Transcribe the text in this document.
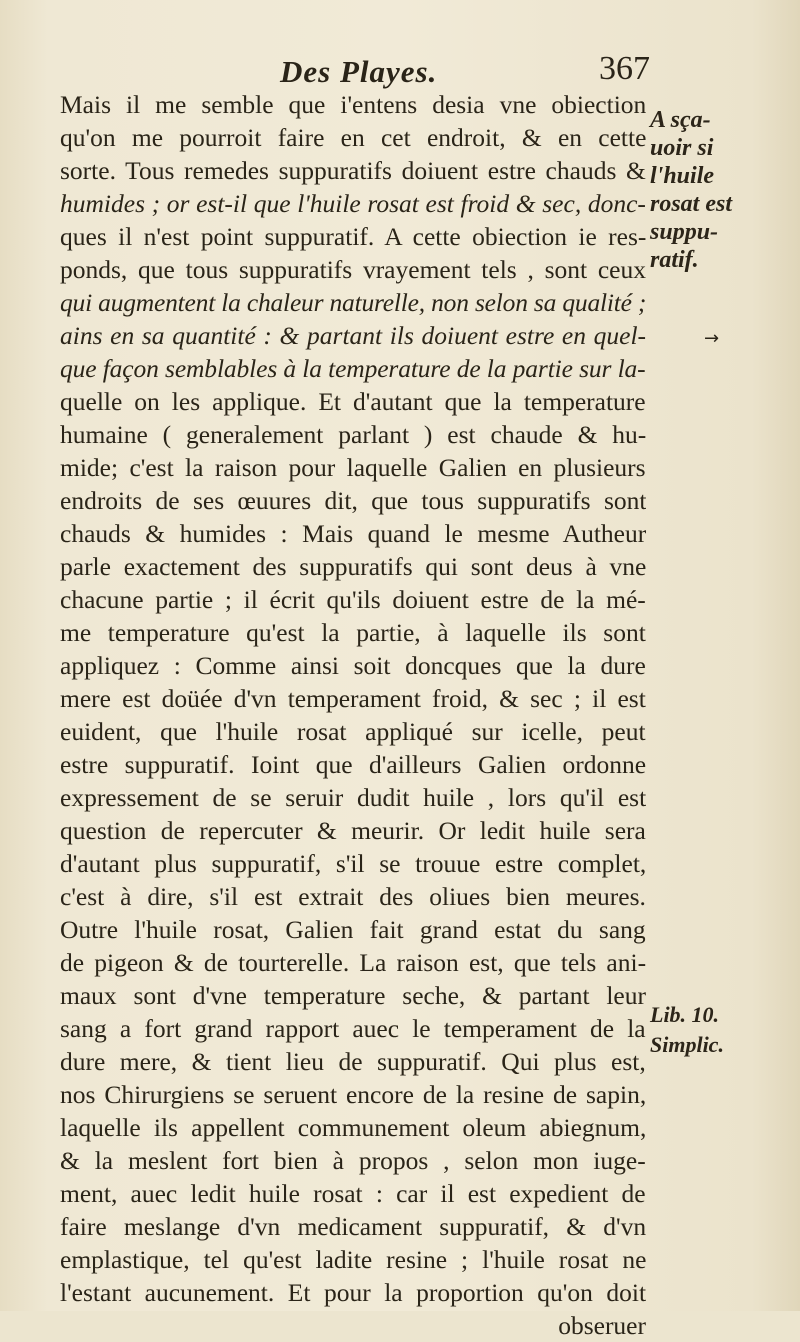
Des Playes.	367
Mais il me semble que i'entens desia vne obiection
qu'on me pourroit faire en cet endroit, & en cette
sorte. Tous remedes suppuratifs doiuent estre chauds &
humides ; or est-il que l'huile rosat est froid & sec, donc-
ques il n'est point suppuratif. A cette obiection ie res-
ponds, que tous suppuratifs vrayement tels , sont ceux
qui augmentent la chaleur naturelle, non selon sa qualité ;
ains en sa quantité : & partant ils doiuent estre en quel-
que façon semblables à la temperature de la partie sur la-
quelle on les applique. Et d'autant que la temperature
humaine ( generalement parlant ) est chaude & hu-
mide; c'est la raison pour laquelle Galien en plusieurs
endroits de ses œuures dit, que tous suppuratifs sont
chauds & humides : Mais quand le mesme Autheur
parle exactement des suppuratifs qui sont deus à vne
chacune partie ; il écrit qu'ils doiuent estre de la mé-
me temperature qu'est la partie, à laquelle ils sont
appliquez : Comme ainsi soit doncques que la dure
mere est doüée d'vn temperament froid, & sec ; il est
euident, que l'huile rosat appliqué sur icelle, peut
estre suppuratif. Ioint que d'ailleurs Galien ordonne
expressement de se seruir dudit huile , lors qu'il est
question de repercuter & meurir. Or ledit huile sera
d'autant plus suppuratif, s'il se trouue estre complet,
c'est à dire, s'il est extrait des oliues bien meures.
Outre l'huile rosat, Galien fait grand estat du sang
de pigeon & de tourterelle. La raison est, que tels ani-
maux sont d'vne temperature seche, & partant leur
sang a fort grand rapport auec le temperament de la
dure mere, & tient lieu de suppuratif. Qui plus est,
nos Chirurgiens se seruent encore de la resine de sapin,
laquelle ils appellent communement oleum abiegnum,
& la meslent fort bien à propos , selon mon iuge-
ment, auec ledit huile rosat : car il est expedient de
faire meslange d'vn medicament suppuratif, & d'vn
emplastique, tel qu'est ladite resine ; l'huile rosat ne
l'estant aucunement. Et pour la proportion qu'on doit
obseruer
A sça-
uoir si
l'huile
rosat est
suppu-
ratif.
Lib. 10.
Simplic.
→
